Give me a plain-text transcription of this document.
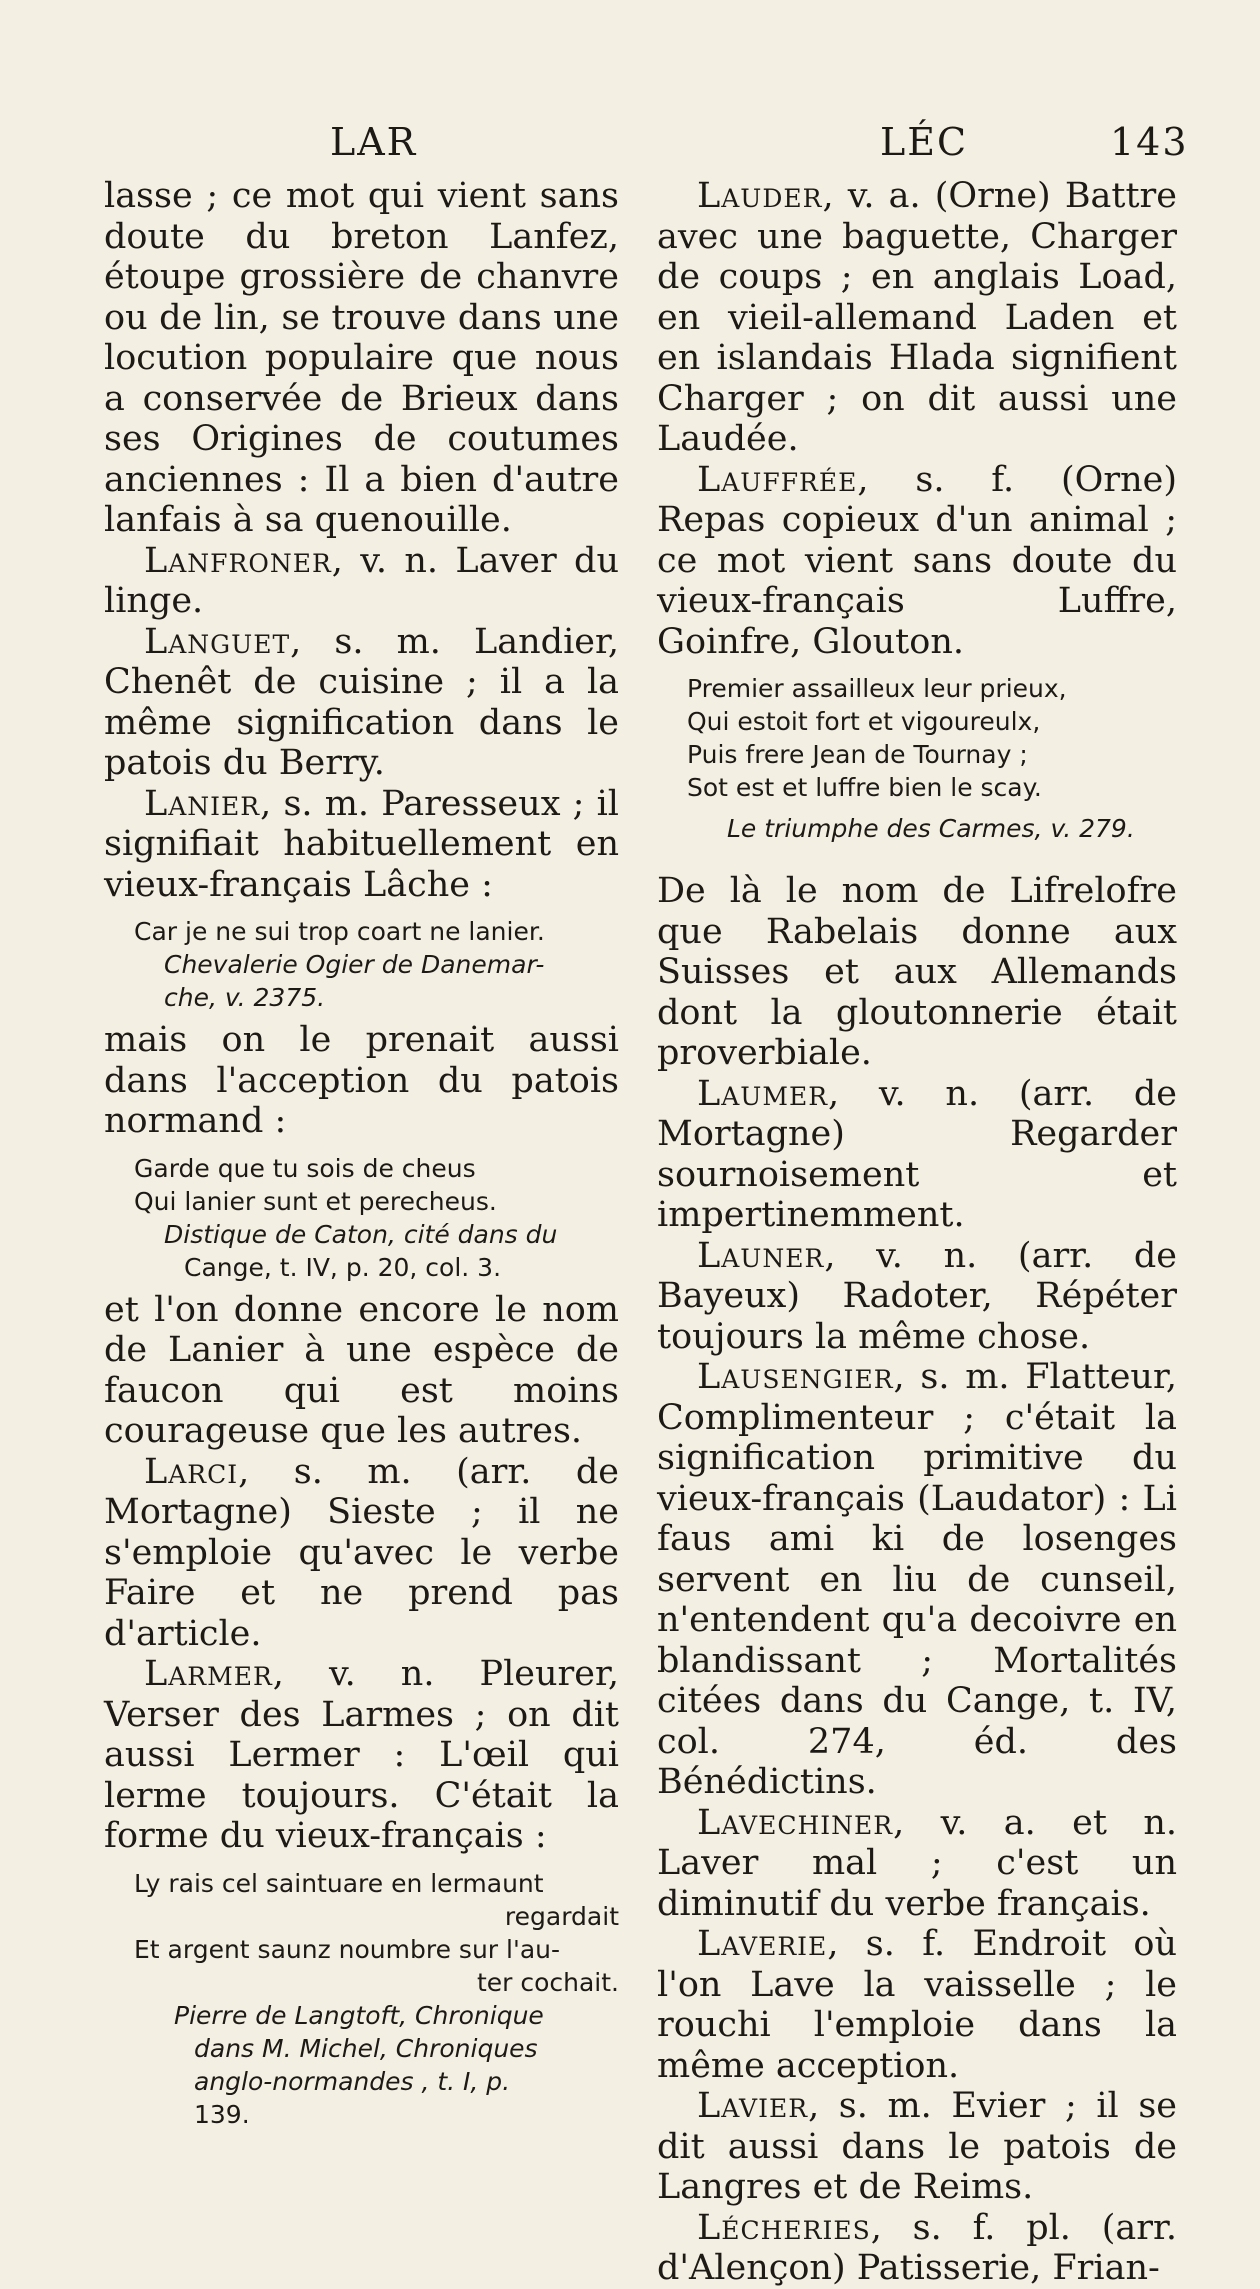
LAR	LÉC	143

lasse ; ce mot qui vient sans doute du breton Lanfez, étoupe grossière de chanvre ou de lin, se trouve dans une locution populaire que nous a conservée de Brieux dans ses Origines de coutumes anciennes : Il a bien d'autre lanfais à sa quenouille.

Lanfroner, v. n. Laver du linge.

Languet, s. m. Landier, Chenêt de cuisine ; il a la même signification dans le patois du Berry.

Lanier, s. m. Paresseux ; il signifiait habituellement en vieux-français Lâche :

Car je ne sui trop coart ne lanier.
Chevalerie Ogier de Danemar-
che, v. 2375.

mais on le prenait aussi dans l'acception du patois normand :

Garde que tu sois de cheus
Qui lanier sunt et perecheus.
Distique de Caton, cité dans du
Cange, t. IV, p. 20, col. 3.

et l'on donne encore le nom de Lanier à une espèce de faucon qui est moins courageuse que les autres.

Larci, s. m. (arr. de Mortagne) Sieste ; il ne s'emploie qu'avec le verbe Faire et ne prend pas d'article.

Larmer, v. n. Pleurer, Verser des Larmes ; on dit aussi Lermer : L'œil qui lerme toujours. C'était la forme du vieux-français :

Ly rais cel saintuare en lermaunt
regardait
Et argent saunz noumbre sur l'au-
ter cochait.
Pierre de Langtoft, Chronique
dans M. Michel, Chroniques
anglo-normandes , t. I, p.
139.

Lauder, v. a. (Orne) Battre avec une baguette, Charger de coups ; en anglais Load, en vieil-allemand Laden et en islandais Hlada signifient Charger ; on dit aussi une Laudée.

Lauffrée, s. f. (Orne) Repas copieux d'un animal ; ce mot vient sans doute du vieux-français Luffre, Goinfre, Glouton.

Premier assailleux leur prieux,
Qui estoit fort et vigoureulx,
Puis frere Jean de Tournay ;
Sot est et luffre bien le scay.
Le triumphe des Carmes, v. 279.

De là le nom de Lifrelofre que Rabelais donne aux Suisses et aux Allemands dont la gloutonnerie était proverbiale.

Laumer, v. n. (arr. de Mortagne) Regarder sournoisement et impertinemment.

Launer, v. n. (arr. de Bayeux) Radoter, Répéter toujours la même chose.

Lausengier, s. m. Flatteur, Complimenteur ; c'était la signification primitive du vieux-français (Laudator) : Li faus ami ki de losenges servent en liu de cunseil, n'entendent qu'a decoivre en blandissant ; Mortalités citées dans du Cange, t. IV, col. 274, éd. des Bénédictins.

Lavechiner, v. a. et n. Laver mal ; c'est un diminutif du verbe français.

Laverie, s. f. Endroit où l'on Lave la vaisselle ; le rouchi l'emploie dans la même acception.

Lavier, s. m. Evier ; il se dit aussi dans le patois de Langres et de Reims.

Lécheries, s. f. pl. (arr. d'Alençon) Patisserie, Frian-
